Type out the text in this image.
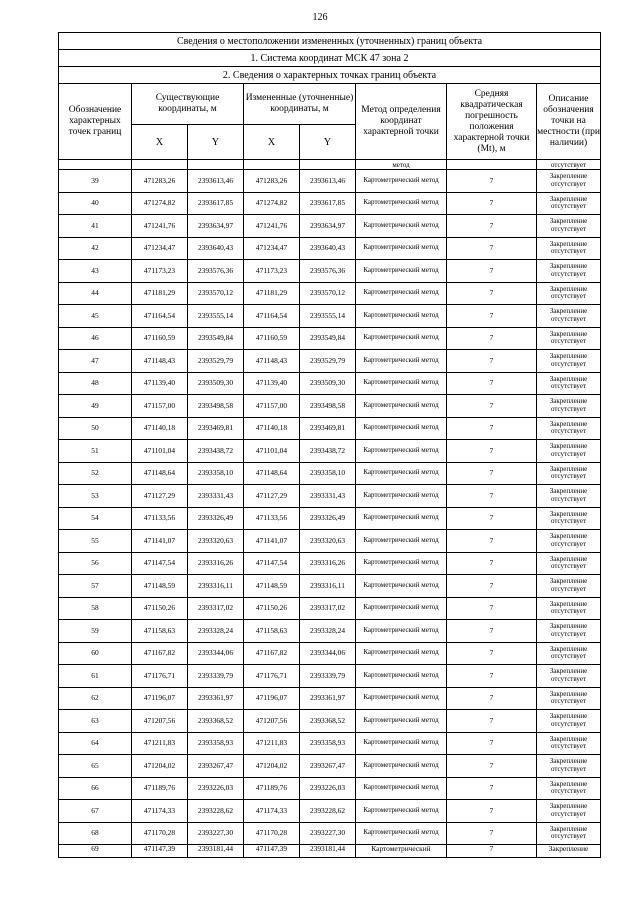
126
Сведения о местоположении измененных (уточненных) границ объекта							
1. Система координат МСК 47 зона 2							
2. Сведения о характерных точках границ объекта							
Обозначение характерных точек границ	Существующие координаты, м		Измененные (уточненные) координаты, м		Метод определения координат характерной точки	Средняя квадратическая погрешность положения характерной точки (Mt), м	Описание обозначения точки на местности (при наличии)
	X	Y	X	Y			
					метод		отсутствует
39	471283,26	2393613,46	471283,26	2393613,46	Картометрический метод	7	Закрепление отсутствует

40	471274,82	2393617,85	471274,82	2393617,85	Картометрический метод	7	Закрепление отсутствует

41	471241,76	2393634,97	471241,76	2393634,97	Картометрический метод	7	Закрепление отсутствует

42	471234,47	2393640,43	471234,47	2393640,43	Картометрический метод	7	Закрепление отсутствует

43	471173,23	2393576,36	471173,23	2393576,36	Картометрический метод	7	Закрепление отсутствует

44	471181,29	2393570,12	471181,29	2393570,12	Картометрический метод	7	Закрепление отсутствует

45	471164,54	2393555,14	471164,54	2393555,14	Картометрический метод	7	Закрепление отсутствует

46	471160,59	2393549,84	471160,59	2393549,84	Картометрический метод	7	Закрепление отсутствует

47	471148,43	2393529,79	471148,43	2393529,79	Картометрический метод	7	Закрепление отсутствует

48	471139,40	2393509,30	471139,40	2393509,30	Картометрический метод	7	Закрепление отсутствует

49	471157,00	2393498,58	471157,00	2393498,58	Картометрический метод	7	Закрепление отсутствует

50	471140,18	2393469,81	471140,18	2393469,81	Картометрический метод	7	Закрепление отсутствует

51	471101,04	2393438,72	471101,04	2393438,72	Картометрический метод	7	Закрепление отсутствует

52	471148,64	2393358,10	471148,64	2393358,10	Картометрический метод	7	Закрепление отсутствует

53	471127,29	2393331,43	471127,29	2393331,43	Картометрический метод	7	Закрепление отсутствует

54	471133,56	2393326,49	471133,56	2393326,49	Картометрический метод	7	Закрепление отсутствует

55	471141,07	2393320,63	471141,07	2393320,63	Картометрический метод	7	Закрепление отсутствует

56	471147,54	2393316,26	471147,54	2393316,26	Картометрический метод	7	Закрепление отсутствует

57	471148,59	2393316,11	471148,59	2393316,11	Картометрический метод	7	Закрепление отсутствует

58	471150,26	2393317,02	471150,26	2393317,02	Картометрический метод	7	Закрепление отсутствует

59	471158,63	2393328,24	471158,63	2393328,24	Картометрический метод	7	Закрепление отсутствует

60	471167,82	2393344,06	471167,82	2393344,06	Картометрический метод	7	Закрепление отсутствует

61	471176,71	2393339,79	471176,71	2393339,79	Картометрический метод	7	Закрепление отсутствует

62	471196,07	2393361,97	471196,07	2393361,97	Картометрический метод	7	Закрепление отсутствует

63	471207,56	2393368,52	471207,56	2393368,52	Картометрический метод	7	Закрепление отсутствует

64	471211,83	2393358,93	471211,83	2393358,93	Картометрический метод	7	Закрепление отсутствует

65	471204,02	2393267,47	471204,02	2393267,47	Картометрический метод	7	Закрепление отсутствует

66	471189,76	2393226,03	471189,76	2393226,03	Картометрический метод	7	Закрепление отсутствует

67	471174,33	2393228,62	471174,33	2393228,62	Картометрический метод	7	Закрепление отсутствует

68	471170,28	2393227,30	471170,28	2393227,30	Картометрический метод	7	Закрепление отсутствует

69	471147,39	2393181,44	471147,39	2393181,44	Картометрический	7	Закрепление
